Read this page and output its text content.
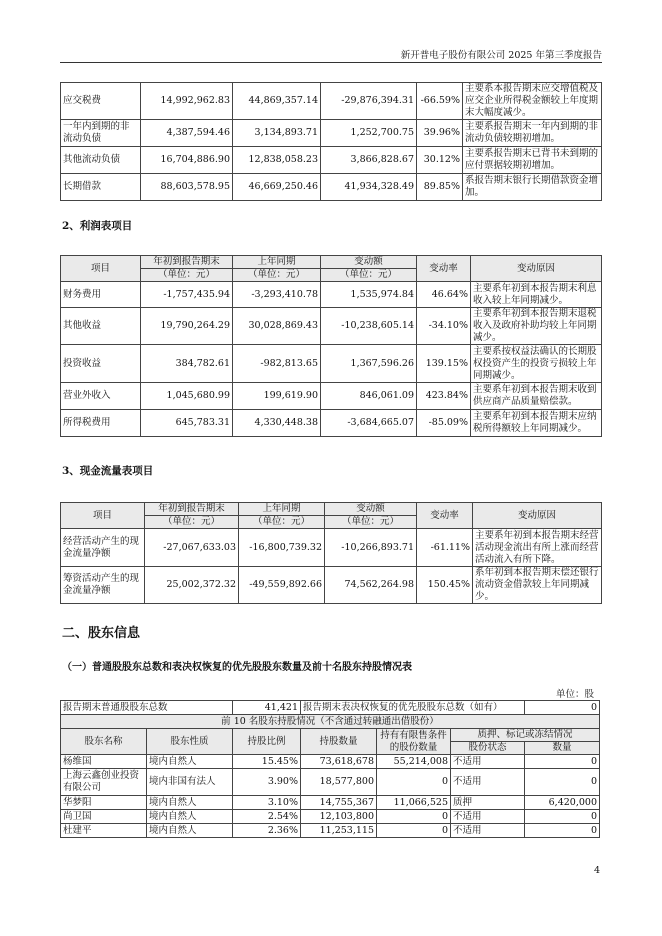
新开普电子股份有限公司 2025 年第三季度报告
应交税费	14,992,962.83	44,869,357.14	-29,876,394.31	-66.59%	主要系本报告期末应交增值税及应交企业所得税金额较上年度期末大幅度减少。
一年内到期的非流动负债	4,387,594.46	3,134,893.71	1,252,700.75	39.96%	主要系报告期末一年内到期的非流动负债较期初增加。
其他流动负债	16,704,886.90	12,838,058.23	3,866,828.67	30.12%	主要系报告期末已背书未到期的应付票据较期初增加。
长期借款	88,603,578.95	46,669,250.46	41,934,328.49	89.85%	系报告期末银行长期借款资金增加。
2、利润表项目
项目	年初到报告期末	上年同期	变动额	变动率	变动原因
	（单位：元）	（单位：元）	（单位：元）		
财务费用	-1,757,435.94	-3,293,410.78	1,535,974.84	46.64%	主要系年初到本报告期末利息收入较上年同期减少。
其他收益	19,790,264.29	30,028,869.43	-10,238,605.14	-34.10%	主要系年初到本报告期末退税收入及政府补助均较上年同期减少。
投资收益	384,782.61	-982,813.65	1,367,596.26	139.15%	主要系按权益法确认的长期股权投资产生的投资亏损较上年同期减少。
营业外收入	1,045,680.99	199,619.90	846,061.09	423.84%	主要系年初到本报告期末收到供应商产品质量赔偿款。
所得税费用	645,783.31	4,330,448.38	-3,684,665.07	-85.09%	主要系年初到本报告期末应纳税所得额较上年同期减少。
3、现金流量表项目
项目	年初到报告期末	上年同期	变动额	变动率	变动原因
	（单位：元）	（单位：元）	（单位：元）		
经营活动产生的现金流量净额	-27,067,633.03	-16,800,739.32	-10,266,893.71	-61.11%	主要系年初到本报告期末经营活动现金流出有所上涨而经营活动流入有所下降。
筹资活动产生的现金流量净额	25,002,372.32	-49,559,892.66	74,562,264.98	150.45%	系年初到本报告期末偿还银行流动资金借款较上年同期减少。
二、股东信息
（一）普通股股东总数和表决权恢复的优先股股东数量及前十名股东持股情况表
单位：股
报告期末普通股股东总数		41,421	报告期末表决权恢复的优先股股东总数（如有）			0
前 10 名股东持股情况（不含通过转融通出借股份）						
股东名称	股东性质	持股比例	持股数量	持有有限售条件的股份数量	质押、标记或冻结情况	
					股份状态	数量
杨维国	境内自然人	15.45%	73,618,678	55,214,008	不适用	0
上海云鑫创业投资有限公司	境内非国有法人	3.90%	18,577,800	0	不适用	0
华梦阳	境内自然人	3.10%	14,755,367	11,066,525	质押	6,420,000
尚卫国	境内自然人	2.54%	12,103,800	0	不适用	0
杜建平	境内自然人	2.36%	11,253,115	0	不适用	0
4
